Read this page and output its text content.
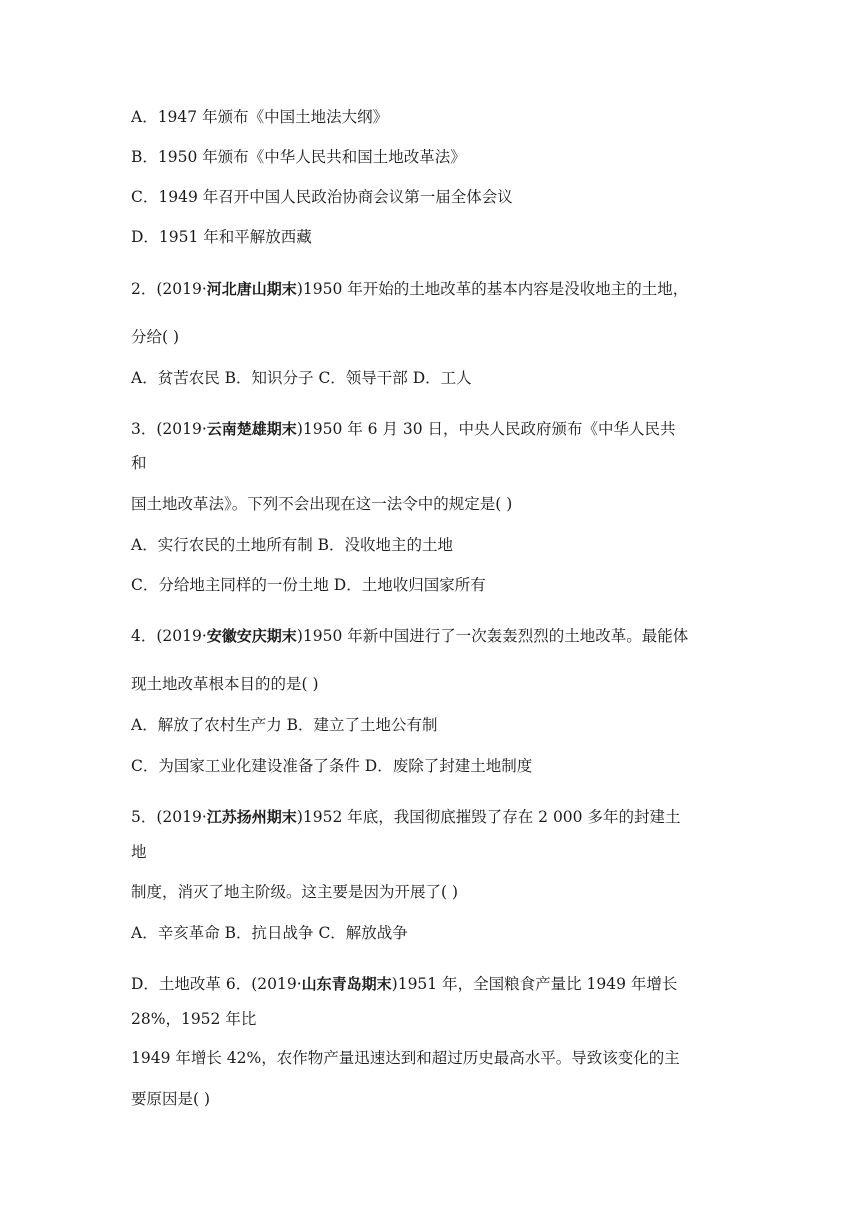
A．1947 年颁布《中国土地法大纲》
B．1950 年颁布《中华人民共和国土地改革法》
C．1949 年召开中国人民政治协商会议第一届全体会议
D．1951 年和平解放西藏
2．(2019·河北唐山期末)1950 年开始的土地改革的基本内容是没收地主的土地，
分给( )
A．贫苦农民 B．知识分子 C．领导干部 D．工人
3．(2019·云南楚雄期末)1950 年 6 月 30 日，中央人民政府颁布《中华人民共
和
国土地改革法》。下列不会出现在这一法令中的规定是( )
A．实行农民的土地所有制 B．没收地主的土地
C．分给地主同样的一份土地 D．土地收归国家所有
4．(2019·安徽安庆期末)1950 年新中国进行了一次轰轰烈烈的土地改革。最能体
现土地改革根本目的的是( )
A．解放了农村生产力 B．建立了土地公有制
C．为国家工业化建设准备了条件 D．废除了封建土地制度
5．(2019·江苏扬州期末)1952 年底，我国彻底摧毁了存在 2 000 多年的封建土
地
制度，消灭了地主阶级。这主要是因为开展了( )
A．辛亥革命 B．抗日战争 C．解放战争
D．土地改革 6．(2019·山东青岛期末)1951 年，全国粮食产量比 1949 年增长
28%，1952 年比
1949 年增长 42%，农作物产量迅速达到和超过历史最高水平。导致该变化的主
要原因是( )
